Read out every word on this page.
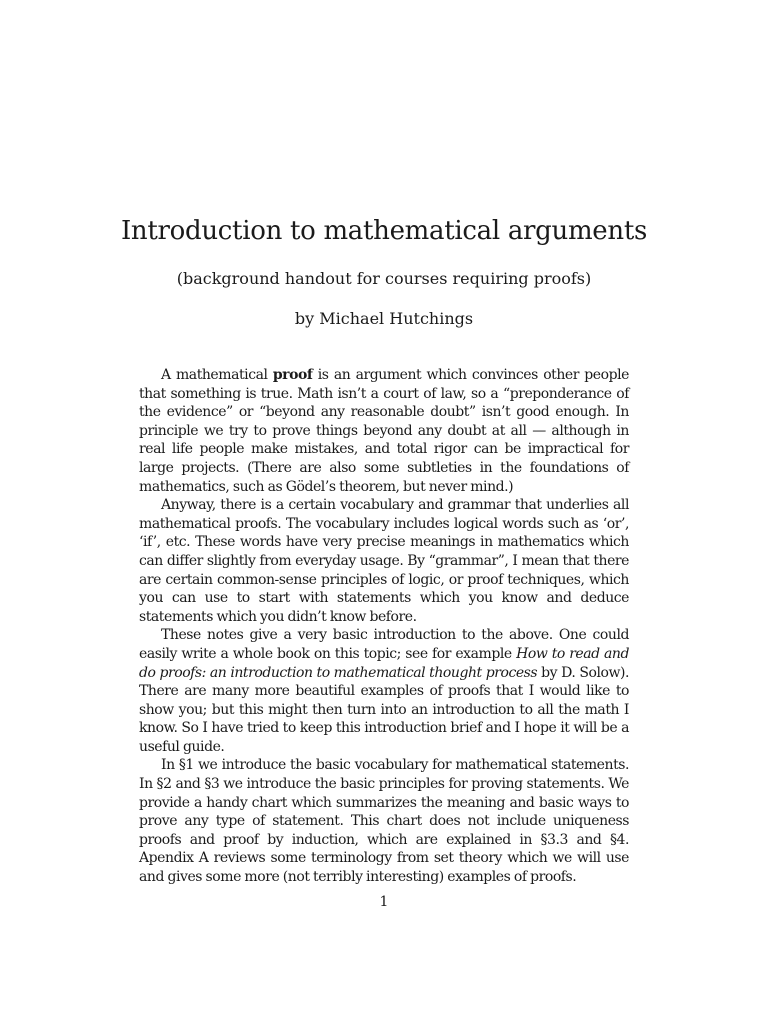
Introduction to mathematical arguments
(background handout for courses requiring proofs)
by Michael Hutchings

A mathematical proof is an argument which convinces other people that something is true. Math isn’t a court of law, so a “preponderance of the evidence” or “beyond any reasonable doubt” isn’t good enough. In principle we try to prove things beyond any doubt at all — although in real life people make mistakes, and total rigor can be impractical for large projects. (There are also some subtleties in the foundations of mathematics, such as Gödel’s theorem, but never mind.)

Anyway, there is a certain vocabulary and grammar that underlies all mathematical proofs. The vocabulary includes logical words such as ‘or’, ‘if’, etc. These words have very precise meanings in mathematics which can differ slightly from everyday usage. By “grammar”, I mean that there are certain common-sense principles of logic, or proof techniques, which you can use to start with statements which you know and deduce statements which you didn’t know before.

These notes give a very basic introduction to the above. One could easily write a whole book on this topic; see for example How to read and do proofs: an introduction to mathematical thought process by D. Solow). There are many more beautiful examples of proofs that I would like to show you; but this might then turn into an introduction to all the math I know. So I have tried to keep this introduction brief and I hope it will be a useful guide.

In §1 we introduce the basic vocabulary for mathematical statements. In §2 and §3 we introduce the basic principles for proving statements. We provide a handy chart which summarizes the meaning and basic ways to prove any type of statement. This chart does not include uniqueness proofs and proof by induction, which are explained in §3.3 and §4. Apendix A reviews some terminology from set theory which we will use and gives some more (not terribly interesting) examples of proofs.

1
